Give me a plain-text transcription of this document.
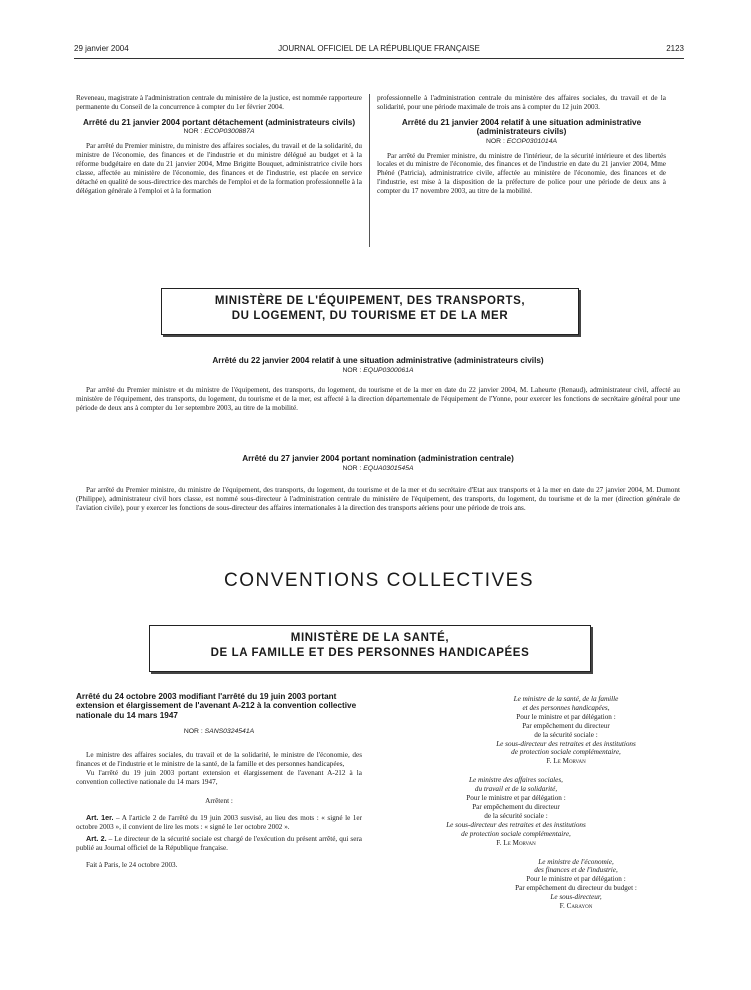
29 janvier 2004	JOURNAL OFFICIEL DE LA RÉPUBLIQUE FRANÇAISE	2123

Reveneau, magistrate à l'administration centrale du ministère de la justice, est nommée rapporteure permanente du Conseil de la concurrence à compter du 1er février 2004.

Arrêté du 21 janvier 2004 portant détachement (administrateurs civils)

NOR : ECOP0300887A

Par arrêté du Premier ministre, du ministre des affaires sociales, du travail et de la solidarité, du ministre de l'économie, des finances et de l'industrie et du ministre délégué au budget et à la réforme budgétaire en date du 21 janvier 2004, Mme Brigitte Bouquet, administratrice civile hors classe, affectée au ministère de l'économie, des finances et de l'industrie, est placée en service détaché en qualité de sous-directrice des marchés de l'emploi et de la formation professionnelle à la délégation générale à l'emploi et à la formation

professionnelle à l'administration centrale du ministère des affaires sociales, du travail et de la solidarité, pour une période maximale de trois ans à compter du 12 juin 2003.

Arrêté du 21 janvier 2004 relatif à une situation administrative (administrateurs civils)

NOR : ECOP0301014A

Par arrêté du Premier ministre, du ministre de l'intérieur, de la sécurité intérieure et des libertés locales et du ministre de l'économie, des finances et de l'industrie en date du 21 janvier 2004, Mme Phéné (Patricia), administratrice civile, affectée au ministère de l'économie, des finances et de l'industrie, est mise à la disposition de la préfecture de police pour une période de deux ans à compter du 17 novembre 2003, au titre de la mobilité.

MINISTÈRE DE L'ÉQUIPEMENT, DES TRANSPORTS,
DU LOGEMENT, DU TOURISME ET DE LA MER

Arrêté du 22 janvier 2004 relatif à une situation administrative (administrateurs civils)

NOR : EQUP0300061A

Par arrêté du Premier ministre et du ministre de l'équipement, des transports, du logement, du tourisme et de la mer en date du 22 janvier 2004, M. Laheurte (Renaud), administrateur civil, affecté au ministère de l'équipement, des transports, du logement, du tourisme et de la mer, est affecté à la direction départementale de l'équipement de l'Yonne, pour exercer les fonctions de secrétaire général pour une période de deux ans à compter du 1er septembre 2003, au titre de la mobilité.

Arrêté du 27 janvier 2004 portant nomination (administration centrale)

NOR : EQUA0301545A

Par arrêté du Premier ministre, du ministre de l'équipement, des transports, du logement, du tourisme et de la mer et du secrétaire d'Etat aux transports et à la mer en date du 27 janvier 2004, M. Dumont (Philippe), administrateur civil hors classe, est nommé sous-directeur à l'administration centrale du ministère de l'équipement, des transports, du logement, du tourisme et de la mer (direction générale de l'aviation civile), pour y exercer les fonctions de sous-directeur des affaires internationales à la direction des transports aériens pour une période de trois ans.

CONVENTIONS COLLECTIVES
MINISTÈRE DE LA SANTÉ,
DE LA FAMILLE ET DES PERSONNES HANDICAPÉES

Arrêté du 24 octobre 2003 modifiant l'arrêté du 19 juin 2003 portant extension et élargissement de l'avenant A-212 à la convention collective nationale du 14 mars 1947

NOR : SANS0324541A

Le ministre des affaires sociales, du travail et de la solidarité, le ministre de l'économie, des finances et de l'industrie et le ministre de la santé, de la famille et des personnes handicapées,

Vu l'arrêté du 19 juin 2003 portant extension et élargissement de l'avenant A-212 à la convention collective nationale du 14 mars 1947,

Arrêtent :

Art. 1er. – A l'article 2 de l'arrêté du 19 juin 2003 susvisé, au lieu des mots : « signé le 1er octobre 2003 », il convient de lire les mots : « signé le 1er octobre 2002 ».

Art. 2. – Le directeur de la sécurité sociale est chargé de l'exécution du présent arrêté, qui sera publié au Journal officiel de la République française.

Fait à Paris, le 24 octobre 2003.

Le ministre de la santé, de la famille
et des personnes handicapées,
Pour le ministre et par délégation :
Par empêchement du directeur
de la sécurité sociale :
Le sous-directeur des retraites et des institutions
de protection sociale complémentaire,
F. Le Morvan
Le ministre des affaires sociales,
du travail et de la solidarité,
Pour le ministre et par délégation :
Par empêchement du directeur
de la sécurité sociale :
Le sous-directeur des retraites et des institutions
de protection sociale complémentaire,
F. Le Morvan
Le ministre de l'économie,
des finances et de l'industrie,
Pour le ministre et par délégation :
Par empêchement du directeur du budget :
Le sous-directeur,
F. Carayon
